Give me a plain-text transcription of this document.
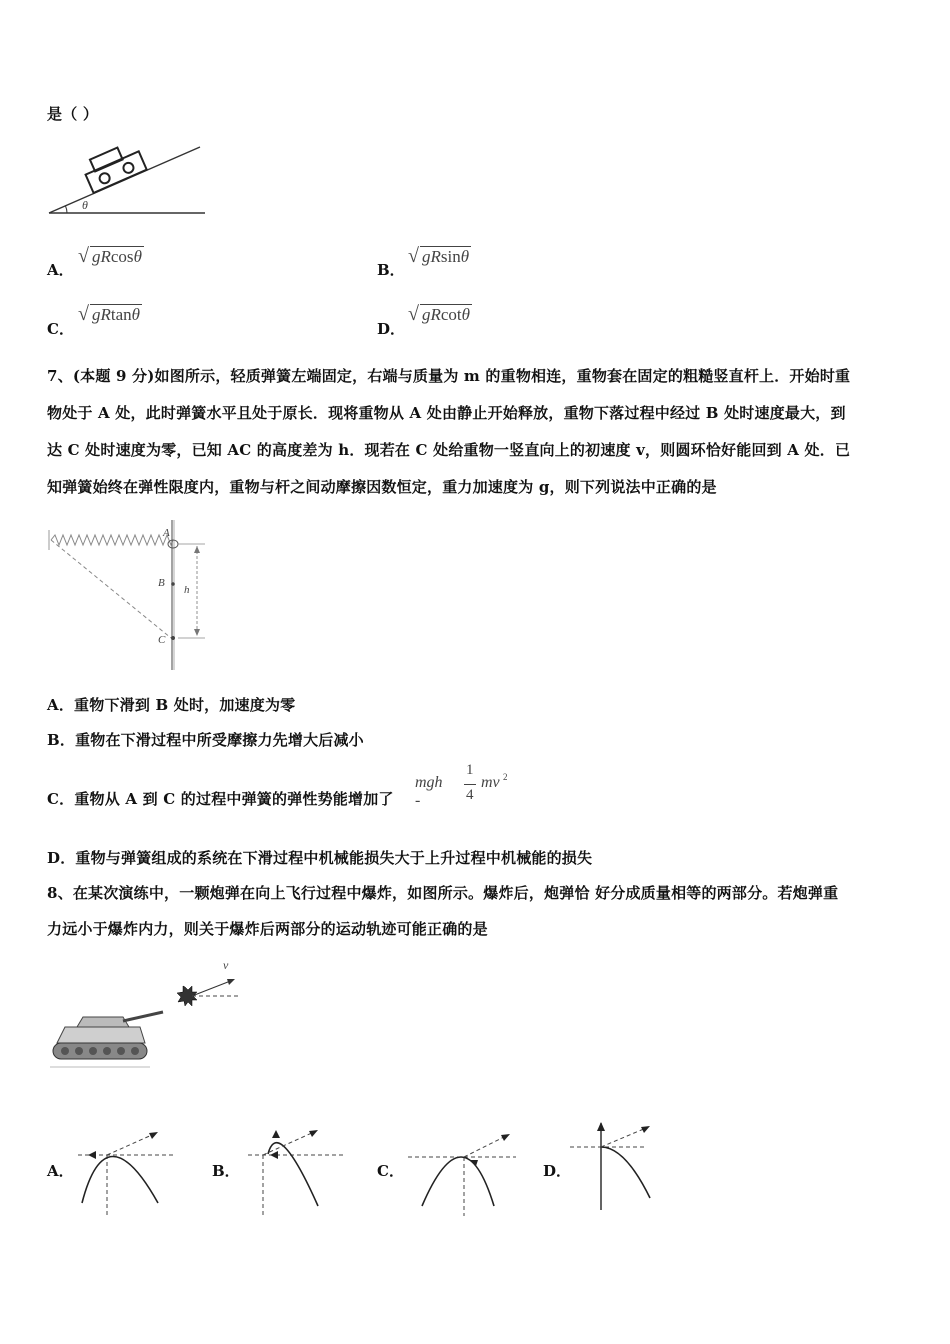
是（ ）
θ
A．
√ gRcosθ
B．
√ gRsinθ
C．
√ gRtanθ
D．
√ gRcotθ
7、(本题 9 分)如图所示，轻质弹簧左端固定，右端与质量为 m 的重物相连，重物套在固定的粗糙竖直杆上．开始时重
物处于 A 处，此时弹簧水平且处于原长．现将重物从 A 处由静止开始释放，重物下落过程中经过 B 处时速度最大，到
达 C 处时速度为零，已知 AC 的高度差为 h．现若在 C 处给重物一竖直向上的初速度 v，则圆环恰好能回到 A 处．已
知弹簧始终在弹性限度内，重物与杆之间动摩擦因数恒定，重力加速度为 g，则下列说法中正确的是
A
B
C
h
A．重物下滑到 B 处时，加速度为零
B．重物在下滑过程中所受摩擦力先增大后减小
C．重物从 A 到 C 的过程中弹簧的弹性势能增加了
mgh -
1
4
mv 2
D．重物与弹簧组成的系统在下滑过程中机械能损失大于上升过程中机械能的损失
8、在某次演练中，一颗炮弹在向上飞行过程中爆炸，如图所示。爆炸后，炮弹恰 好分成质量相等的两部分。若炮弹重
力远小于爆炸内力，则关于爆炸后两部分的运动轨迹可能正确的是
v
A．	B．	C．	D．
